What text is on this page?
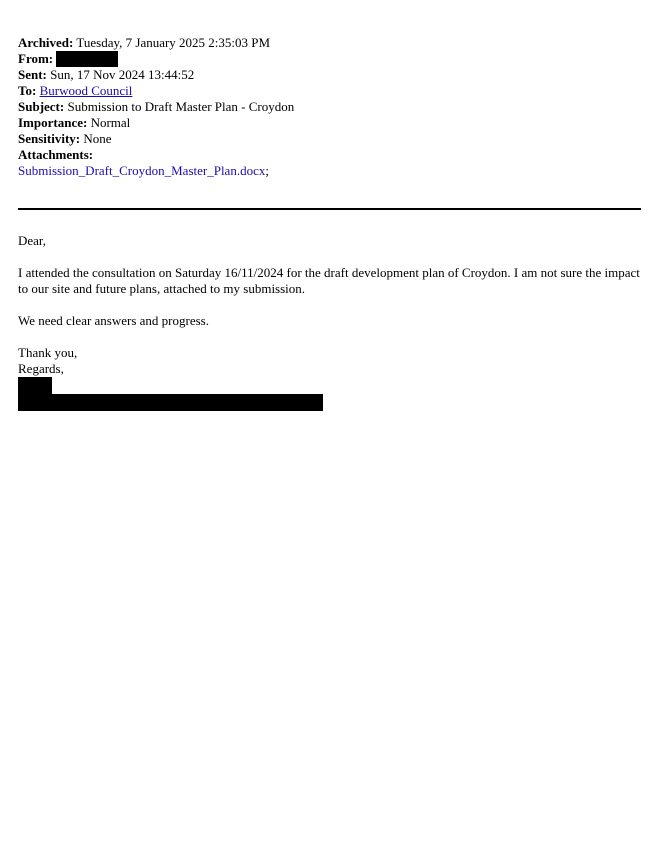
Archived: Tuesday, 7 January 2025 2:35:03 PM
From:
Sent: Sun, 17 Nov 2024 13:44:52
To: Burwood Council
Subject: Submission to Draft Master Plan - Croydon
Importance: Normal
Sensitivity: None
Attachments:
Submission_Draft_Croydon_Master_Plan.docx;

Dear,

I attended the consultation on Saturday 16/11/2024 for the draft development plan of Croydon. I am not sure the impact to our site and future plans, attached to my submission.

We need clear answers and progress.

Thank you,

Regards,
